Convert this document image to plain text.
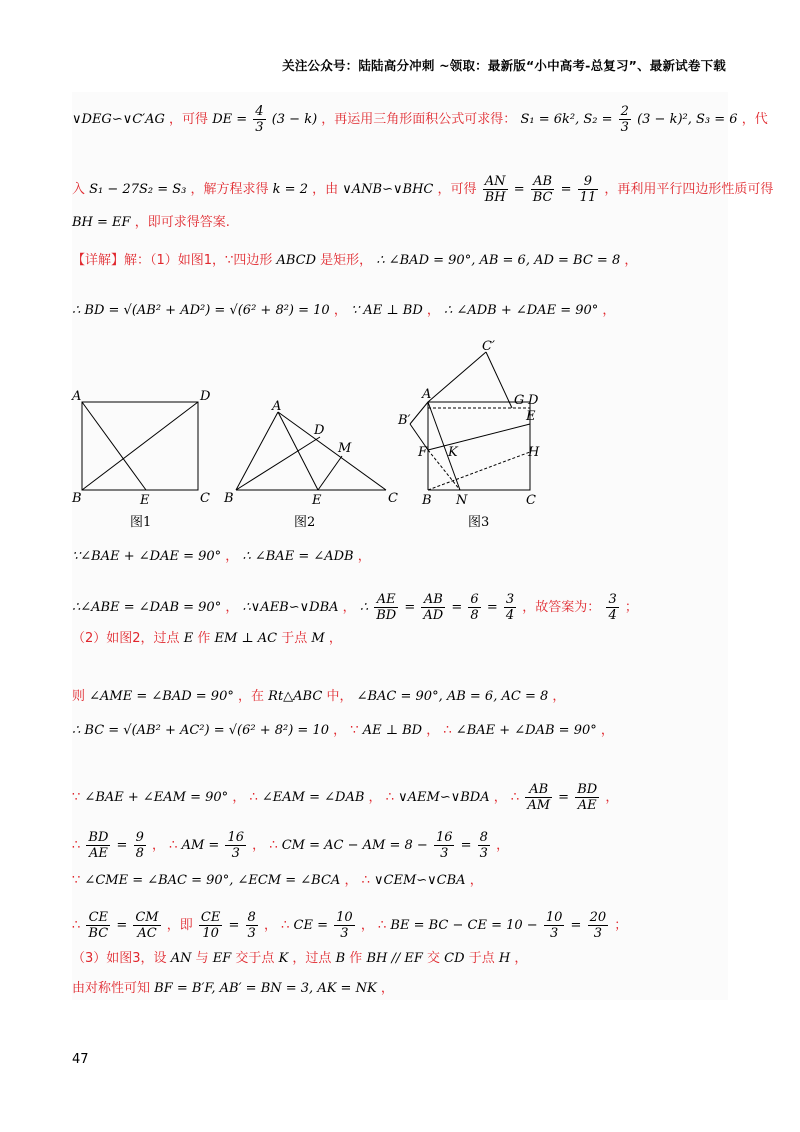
关注公众号：陆陆高分冲刺 ~领取：最新版“小中高考-总复习”、最新试卷下载
∨DEG∽∨C′AG ，可得 DE = $\frac{4}{3} (3 - k)$ ，再运用三角形面积公式可求得： S₁ = 6k², $S_2 = \frac{2}{3} (3 - k)^2$, S₃ = 6 ，代
入 S₁ − 27S₂ = S₃ ，解方程求得 k = 2 ，由 ∨ANB∽∨BHC ，可得 $\frac{AN}{BH} = \frac{AB}{BC} = \frac{9}{11}$ ，再利用平行四边形性质可得
BH = EF ，即可求得答案.
【详解】解：（1）如图1，∵四边形 ABCD 是矩形， ∴ ∠BAD = 90°, AB = 6, AD = BC = 8 ，
∴ BD = √(AB² + AD²) = √(6² + 8²) = 10 ， ∵ AE ⊥ BD ， ∴ ∠ADB + ∠DAE = 90° ，
A	D
B	E	C
A
D
M
B	E	C
C′
A	G D
E
B′
F K	H
B N	C
图1	图2	图3
∵∠BAE + ∠DAE = 90° ， ∴ ∠BAE = ∠ADB ，
∴∠ABE = ∠DAB = 90° ， ∴∨AEB∽∨DBA ， ∴ $\frac{AE}{BD} = \frac{AB}{AD} = \frac{6}{8} = \frac{3}{4}$ ，故答案为： $\frac{3}{4}$ ；
（2）如图2，过点 E 作 EM ⊥ AC 于点 M ，
则 ∠AME = ∠BAD = 90° ，在 Rt△ABC 中， ∠BAC = 90°, AB = 6, AC = 8 ，
∴ BC = √(AB² + AC²) = √(6² + 8²) = 10 ， ∵ AE ⊥ BD ， ∴ ∠BAE + ∠DAB = 90° ，
∵ ∠BAE + ∠EAM = 90° ， ∴ ∠EAM = ∠DAB ， ∴ ∨AEM∽∨BDA ， ∴ $\frac{AB}{AM} = \frac{BD}{AE}$ ，
∴ $\frac{BD}{AE} = \frac{9}{8}$ ， ∴ AM = $\frac{16}{3}$ ， ∴ CM = AC − AM = $8 - \frac{16}{3} = \frac{8}{3}$ ，
∵ ∠CME = ∠BAC = 90°, ∠ECM = ∠BCA ， ∴ ∨CEM∽∨CBA ，
∴ $\frac{CE}{BC} = \frac{CM}{AC}$ ，即 $\frac{CE}{10} = \frac{8}{3}$ ， ∴ CE = $\frac{10}{3}$ ， ∴ BE = BC − CE = $10 - \frac{10}{3} = \frac{20}{3}$ ；
（3）如图3，设 AN 与 EF 交于点 K ，过点 B 作 BH // EF 交 CD 于点 H ，
由对称性可知 BF = B′F, AB′ = BN = 3, AK = NK ，
47
